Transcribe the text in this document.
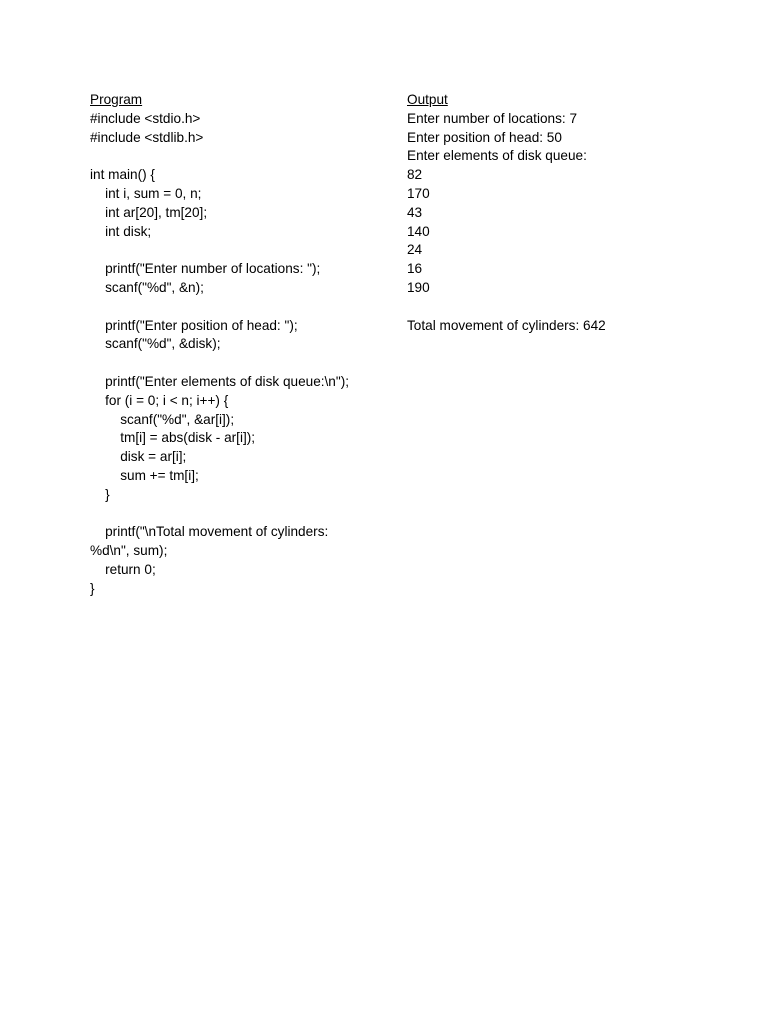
Program
#include <stdio.h>
#include <stdlib.h>
int main() {
int i, sum = 0, n;
int ar[20], tm[20];
int disk;
printf("Enter number of locations: ");
scanf("%d", &n);
printf("Enter position of head: ");
scanf("%d", &disk);
printf("Enter elements of disk queue:\n");
for (i = 0; i < n; i++) {
scanf("%d", &ar[i]);
tm[i] = abs(disk - ar[i]);
disk = ar[i];
sum += tm[i];
}
printf("\nTotal movement of cylinders:
%d\n", sum);
return 0;
}
Output
Enter number of locations: 7
Enter position of head: 50
Enter elements of disk queue:
82
170
43
140
24
16
190
Total movement of cylinders: 642
